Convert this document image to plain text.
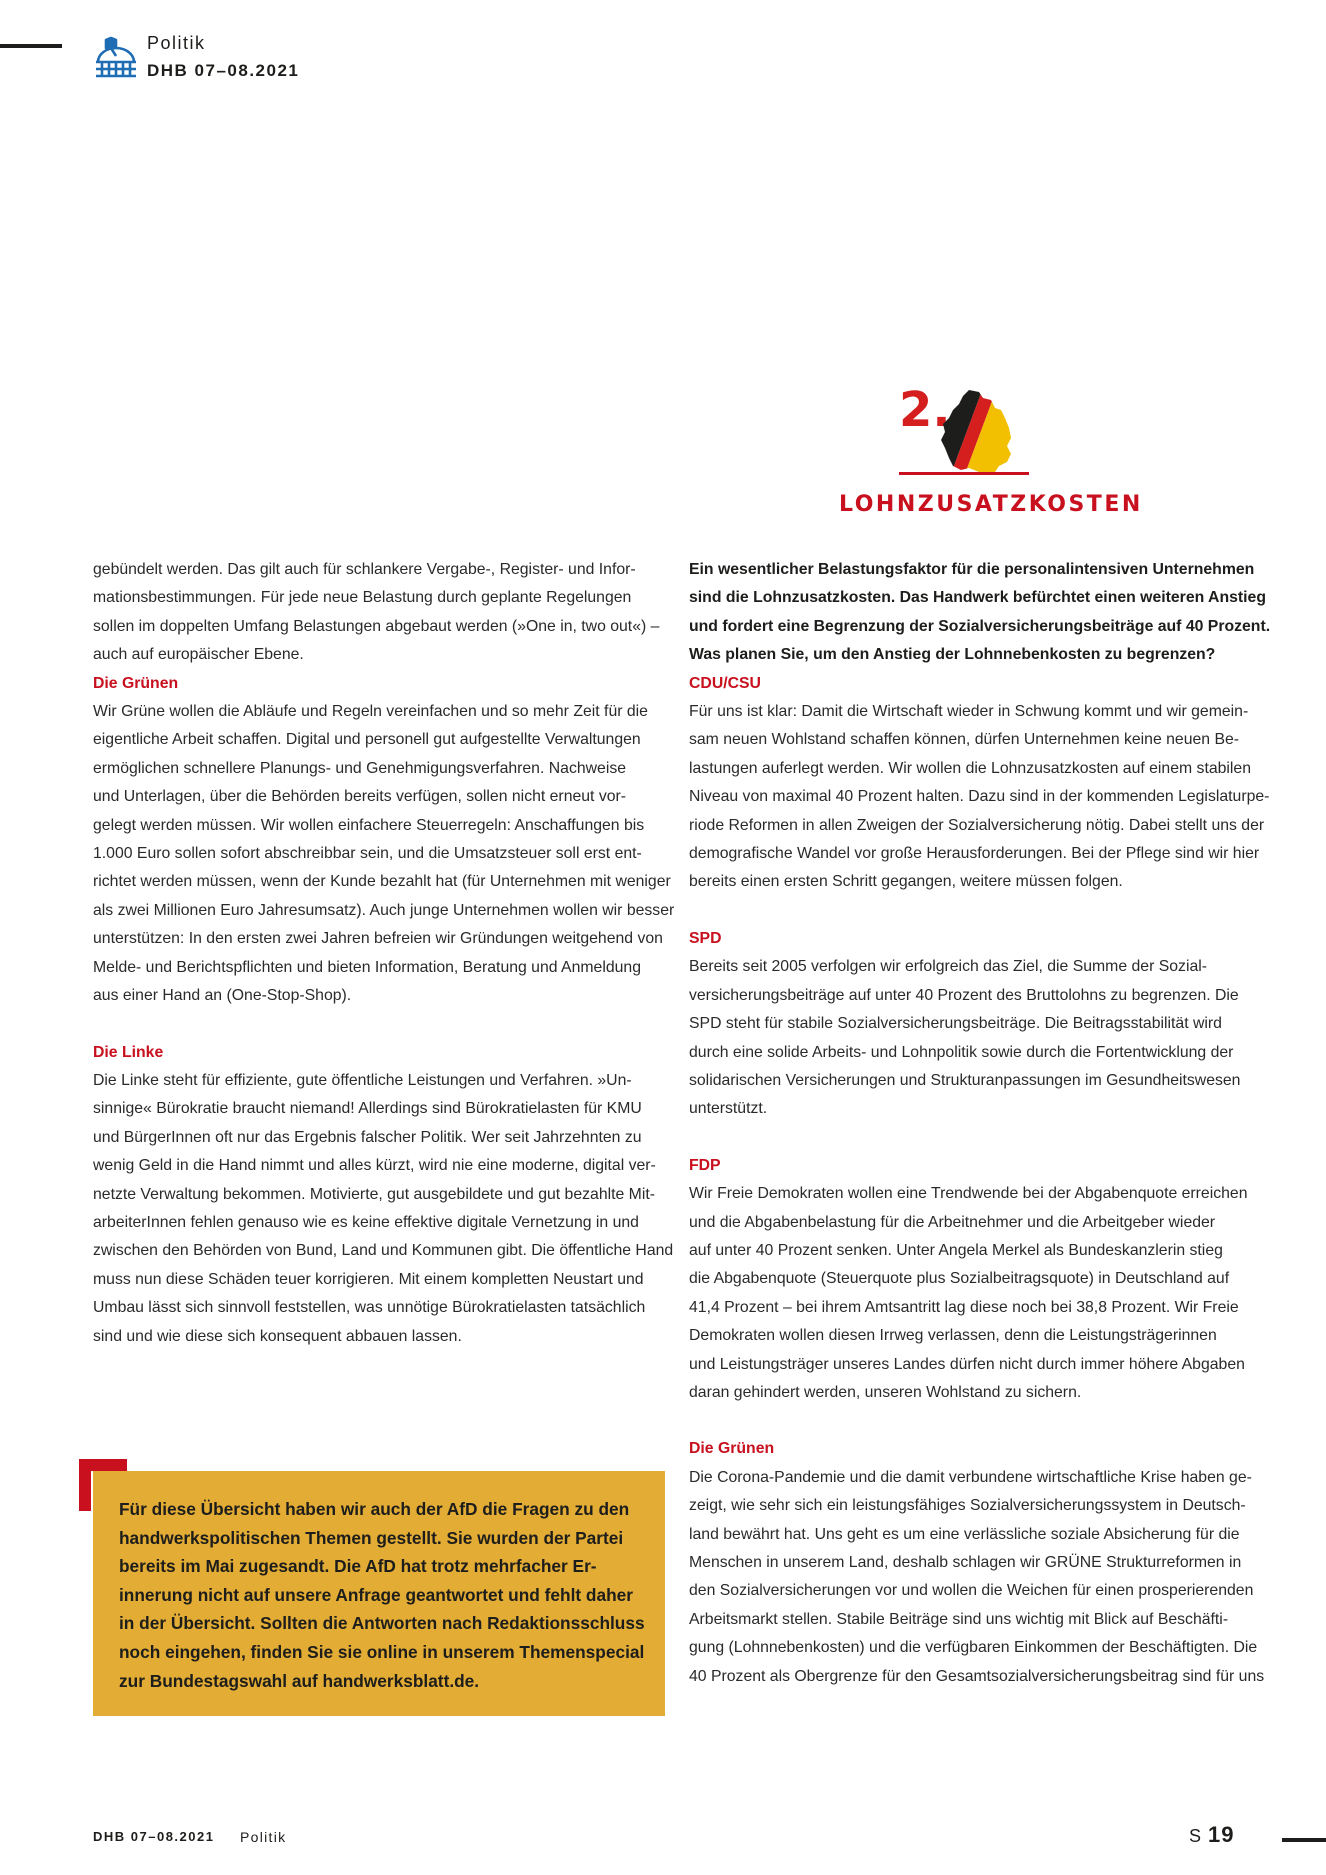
Politik
DHB 07–08.2021
2.
LOHNZUSATZKOSTEN

gebündelt werden. Das gilt auch für schlankere Vergabe-, Register- und Infor-
mationsbestimmungen. Für jede neue Belastung durch geplante Regelungen
sollen im doppelten Umfang Belastungen abgebaut werden (»One in, two out«) –
auch auf europäischer Ebene.

Die Grünen
Wir Grüne wollen die Abläufe und Regeln vereinfachen und so mehr Zeit für die
eigentliche Arbeit schaffen. Digital und personell gut aufgestellte Verwaltungen
ermöglichen schnellere Planungs- und Genehmigungsverfahren. Nachweise
und Unterlagen, über die Behörden bereits verfügen, sollen nicht erneut vor-
gelegt werden müssen. Wir wollen einfachere Steuerregeln: Anschaffungen bis
1.000 Euro sollen sofort abschreibbar sein, und die Umsatzsteuer soll erst ent-
richtet werden müssen, wenn der Kunde bezahlt hat (für Unternehmen mit weniger
als zwei Millionen Euro Jahresumsatz). Auch junge Unternehmen wollen wir besser
unterstützen: In den ersten zwei Jahren befreien wir Gründungen weitgehend von
Melde- und Berichtspflichten und bieten Information, Beratung und Anmeldung
aus einer Hand an (One-Stop-Shop).
Die Linke
Die Linke steht für effiziente, gute öffentliche Leistungen und Verfahren. »Un-
sinnige« Bürokratie braucht niemand! Allerdings sind Bürokratielasten für KMU
und BürgerInnen oft nur das Ergebnis falscher Politik. Wer seit Jahrzehnten zu
wenig Geld in die Hand nimmt und alles kürzt, wird nie eine moderne, digital ver-
netzte Verwaltung bekommen. Motivierte, gut ausgebildete und gut bezahlte Mit-
arbeiterInnen fehlen genauso wie es keine effektive digitale Vernetzung in und
zwischen den Behörden von Bund, Land und Kommunen gibt. Die öffentliche Hand
muss nun diese Schäden teuer korrigieren. Mit einem kompletten Neustart und
Umbau lässt sich sinnvoll feststellen, was unnötige Bürokratielasten tatsächlich
sind und wie diese sich konsequent abbauen lassen.
Für diese Übersicht haben wir auch der AfD die Fragen zu den
handwerkspolitischen Themen gestellt. Sie wurden der Partei
bereits im Mai zugesandt. Die AfD hat trotz mehrfacher Er-
innerung nicht auf unsere Anfrage geantwortet und fehlt daher
in der Übersicht. Sollten die Antworten nach Redaktionsschluss
noch eingehen, finden Sie sie online in unserem Themenspecial
zur Bundestagswahl auf handwerksblatt.de.

Ein wesentlicher Belastungsfaktor für die personalintensiven Unternehmen
sind die Lohnzusatzkosten. Das Handwerk befürchtet einen weiteren Anstieg
und fordert eine Begrenzung der Sozialversicherungsbeiträge auf 40 Prozent.
Was planen Sie, um den Anstieg der Lohnnebenkosten zu begrenzen?

CDU/CSU
Für uns ist klar: Damit die Wirtschaft wieder in Schwung kommt und wir gemein-
sam neuen Wohlstand schaffen können, dürfen Unternehmen keine neuen Be-
lastungen auferlegt werden. Wir wollen die Lohnzusatzkosten auf einem stabilen
Niveau von maximal 40 Prozent halten. Dazu sind in der kommenden Legislaturpe-
riode Reformen in allen Zweigen der Sozialversicherung nötig. Dabei stellt uns der
demografische Wandel vor große Herausforderungen. Bei der Pflege sind wir hier
bereits einen ersten Schritt gegangen, weitere müssen folgen.
SPD
Bereits seit 2005 verfolgen wir erfolgreich das Ziel, die Summe der Sozial-
versicherungsbeiträge auf unter 40 Prozent des Bruttolohns zu begrenzen. Die
SPD steht für stabile Sozialversicherungsbeiträge. Die Beitragsstabilität wird
durch eine solide Arbeits- und Lohnpolitik sowie durch die Fortentwicklung der
solidarischen Versicherungen und Strukturanpassungen im Gesundheitswesen
unterstützt.
FDP
Wir Freie Demokraten wollen eine Trendwende bei der Abgabenquote erreichen
und die Abgabenbelastung für die Arbeitnehmer und die Arbeitgeber wieder
auf unter 40 Prozent senken. Unter Angela Merkel als Bundeskanzlerin stieg
die Abgabenquote (Steuerquote plus Sozialbeitragsquote) in Deutschland auf
41,4 Prozent – bei ihrem Amtsantritt lag diese noch bei 38,8 Prozent. Wir Freie
Demokraten wollen diesen Irrweg verlassen, denn die Leistungsträgerinnen
und Leistungsträger unseres Landes dürfen nicht durch immer höhere Abgaben
daran gehindert werden, unseren Wohlstand zu sichern.
Die Grünen
Die Corona-Pandemie und die damit verbundene wirtschaftliche Krise haben ge-
zeigt, wie sehr sich ein leistungsfähiges Sozialversicherungssystem in Deutsch-
land bewährt hat. Uns geht es um eine verlässliche soziale Absicherung für die
Menschen in unserem Land, deshalb schlagen wir GRÜNE Strukturreformen in
den Sozialversicherungen vor und wollen die Weichen für einen prosperierenden
Arbeitsmarkt stellen. Stabile Beiträge sind uns wichtig mit Blick auf Beschäfti-
gung (Lohnnebenkosten) und die verfügbaren Einkommen der Beschäftigten. Die
40 Prozent als Obergrenze für den Gesamtsozialversicherungsbeitrag sind für uns
DHB 07–08.2021 Politik	S 19
